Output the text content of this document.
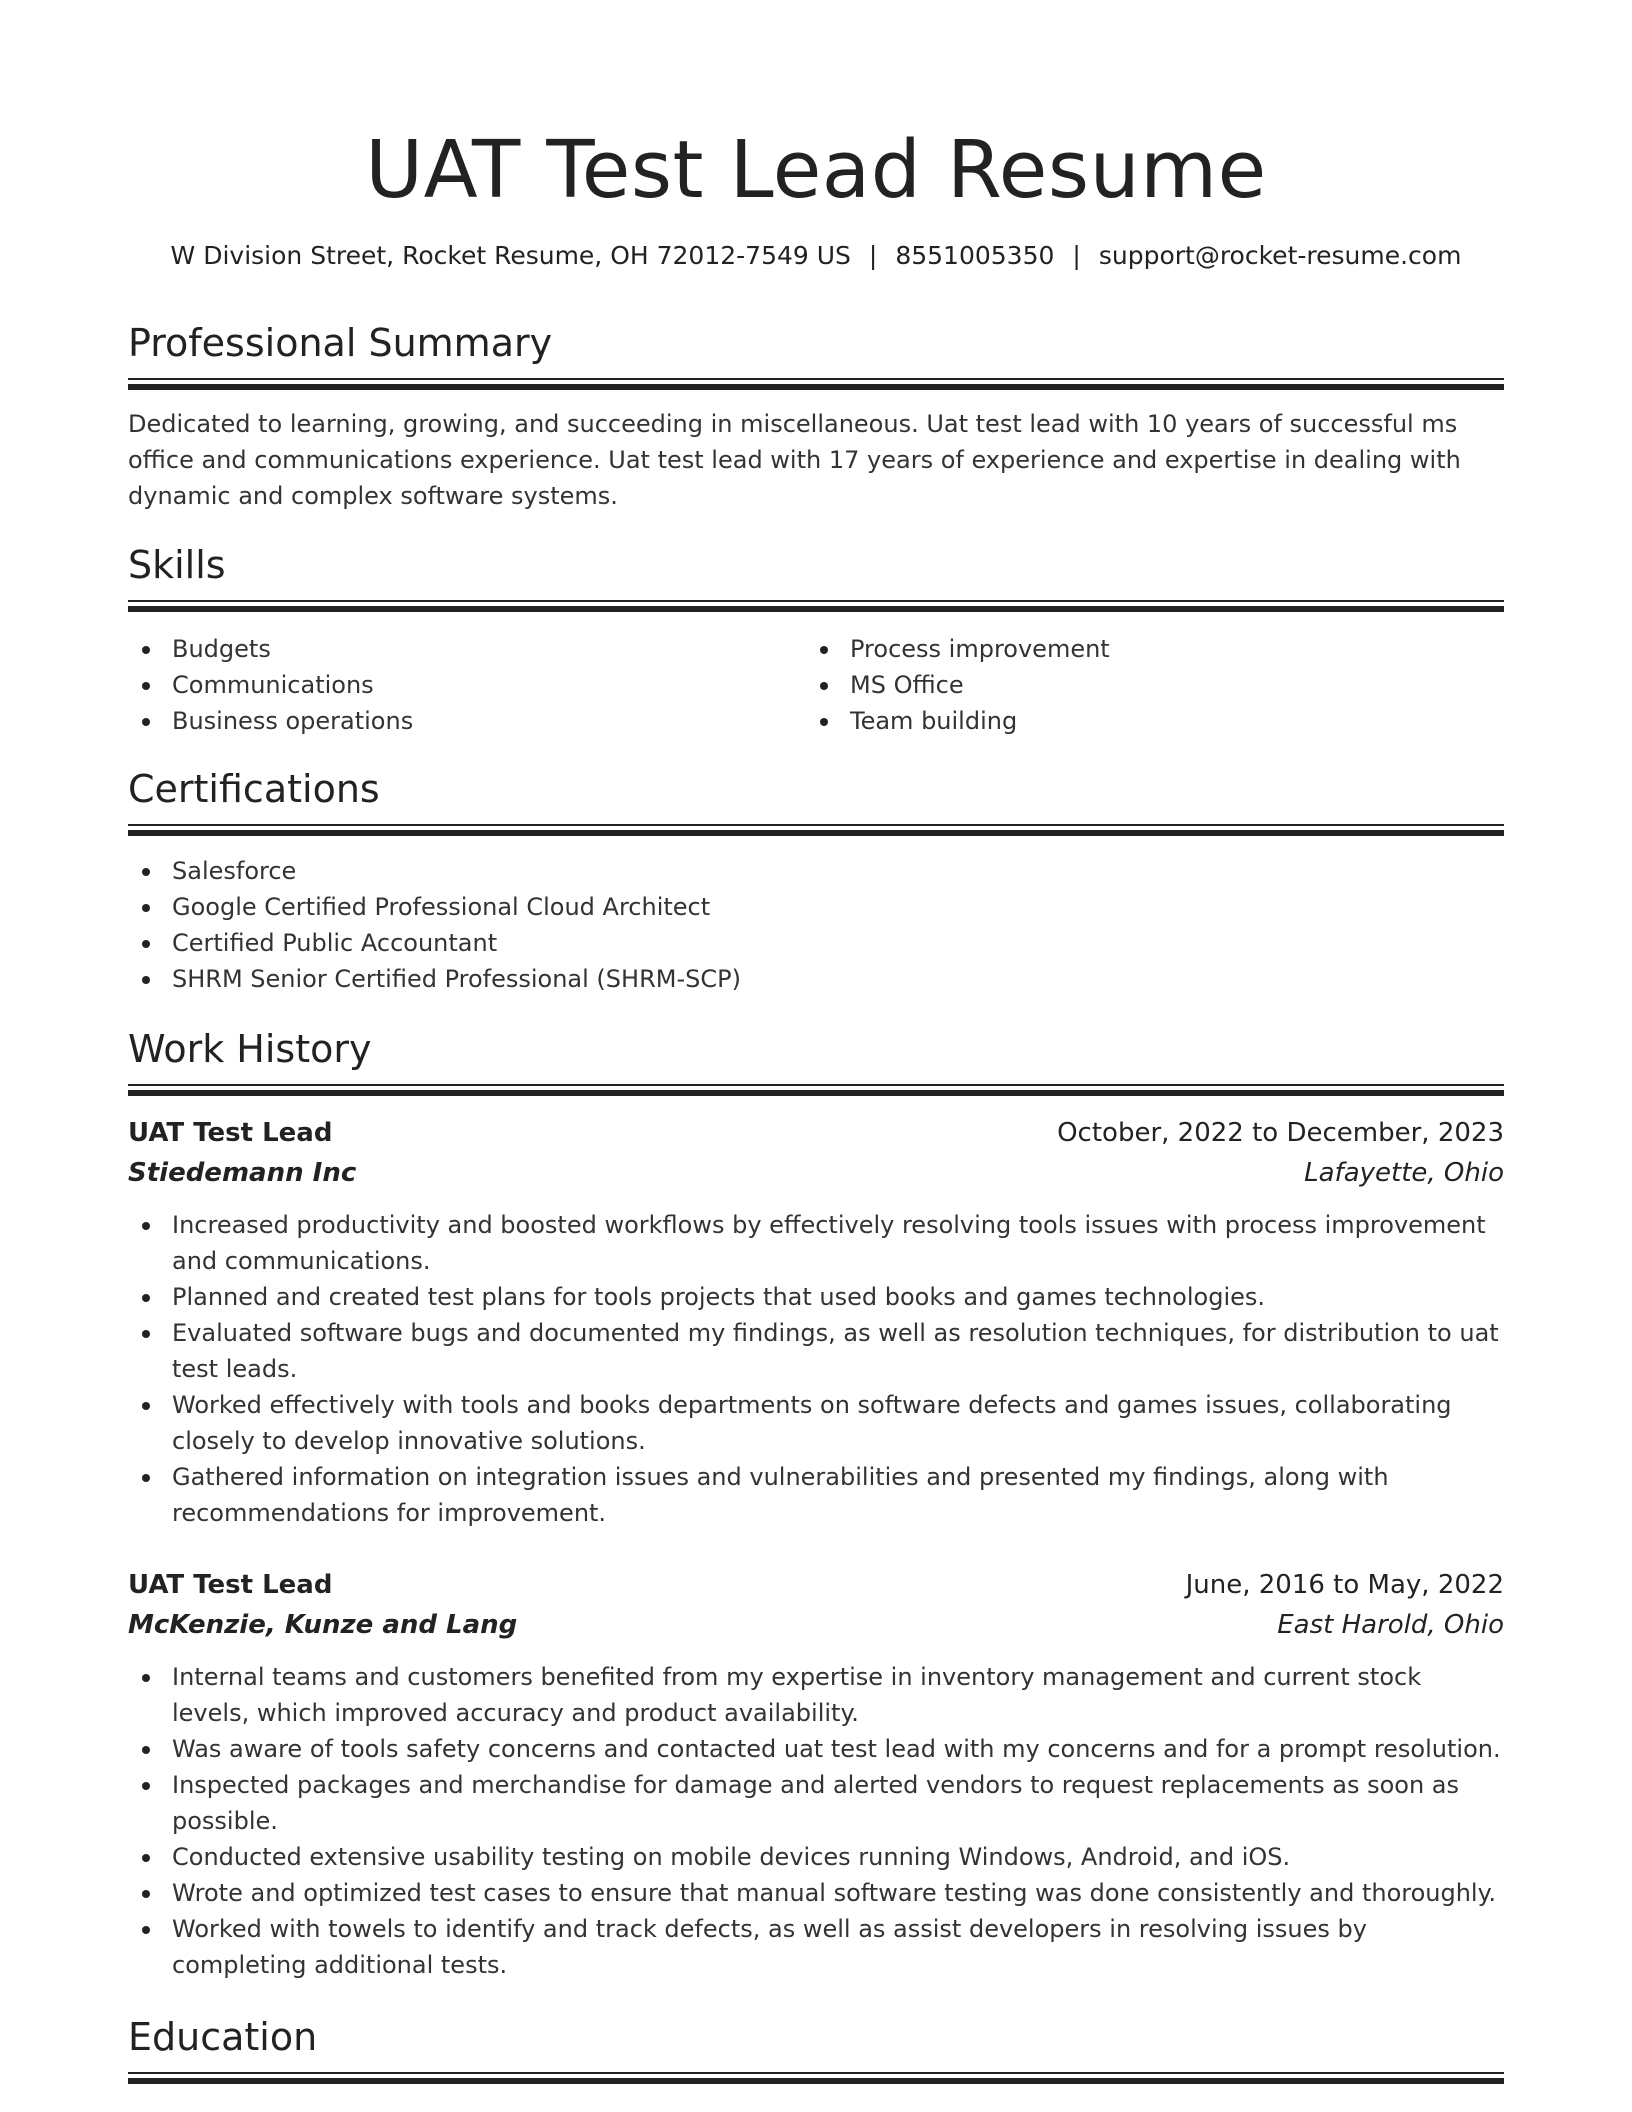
UAT Test Lead Resume
W Division Street, Rocket Resume, OH 72012-7549 US | 8551005350 | support@rocket-resume.com
Professional Summary

Dedicated to learning, growing, and succeeding in miscellaneous. Uat test lead with 10 years of successful ms office and communications experience. Uat test lead with 17 years of experience and expertise in dealing with dynamic and complex software systems.

Skills
Budgets
Communications
Business operations
Process improvement
MS Office
Team building
Certifications
Salesforce
Google Certified Professional Cloud Architect
Certified Public Accountant
SHRM Senior Certified Professional (SHRM-SCP)
Work History
UAT Test Lead	October, 2022 to December, 2023
Stiedemann Inc	Lafayette, Ohio
Increased productivity and boosted workflows by effectively resolving tools issues with process improvement and communications.
Planned and created test plans for tools projects that used books and games technologies.
Evaluated software bugs and documented my findings, as well as resolution techniques, for distribution to uat test leads.
Worked effectively with tools and books departments on software defects and games issues, collaborating closely to develop innovative solutions.
Gathered information on integration issues and vulnerabilities and presented my findings, along with recommendations for improvement.
UAT Test Lead	June, 2016 to May, 2022
McKenzie, Kunze and Lang	East Harold, Ohio
Internal teams and customers benefited from my expertise in inventory management and current stock levels, which improved accuracy and product availability.
Was aware of tools safety concerns and contacted uat test lead with my concerns and for a prompt resolution.
Inspected packages and merchandise for damage and alerted vendors to request replacements as soon as possible.
Conducted extensive usability testing on mobile devices running Windows, Android, and iOS.
Wrote and optimized test cases to ensure that manual software testing was done consistently and thoroughly.
Worked with towels to identify and track defects, as well as assist developers in resolving issues by completing additional tests.
Education
